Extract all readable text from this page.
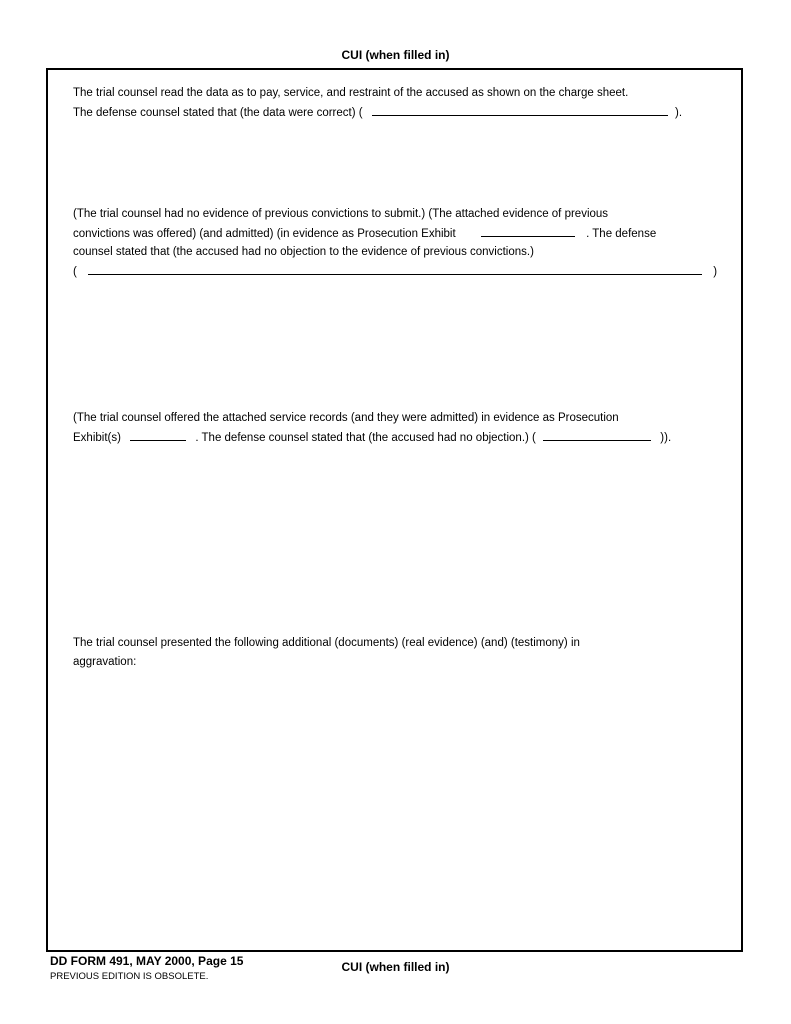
CUI (when filled in)
The trial counsel read the data as to pay, service, and restraint of the accused as shown on the charge sheet.
The defense counsel stated that (the data were correct) (	).
(The trial counsel had no evidence of previous convictions to submit.) (The attached evidence of previous
convictions was offered) (and admitted) (in evidence as Prosecution Exhibit	. The defense
counsel stated that (the accused had no objection to the evidence of previous convictions.)
(	)
(The trial counsel offered the attached service records (and they were admitted) in evidence as Prosecution
Exhibit(s)	. The defense counsel stated that (the accused had no objection.) (	)).
The trial counsel presented the following additional (documents) (real evidence) (and) (testimony) in
aggravation:
DD FORM 491, MAY 2000, Page 15
PREVIOUS EDITION IS OBSOLETE.
CUI (when filled in)
